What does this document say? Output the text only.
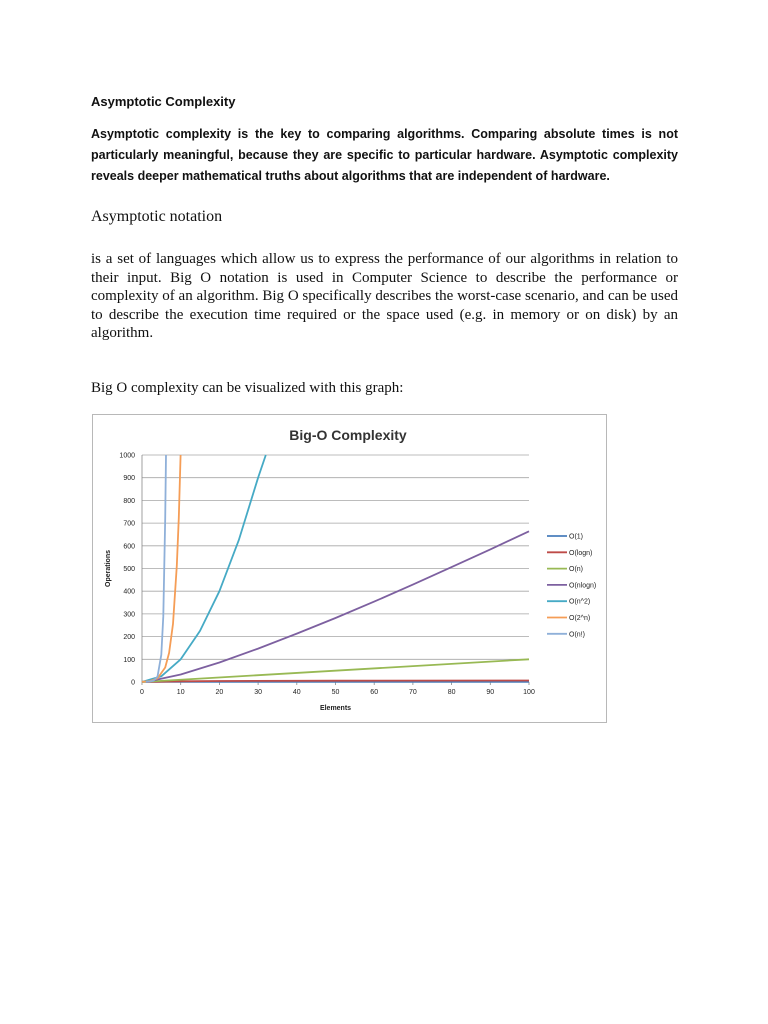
Asymptotic Complexity

Asymptotic complexity is the key to comparing algorithms. Comparing absolute times is not particularly meaningful, because they are specific to particular hardware. Asymptotic complexity reveals deeper mathematical truths about algorithms that are independent of hardware.

Asymptotic notation

is a set of languages which allow us to express the performance of our algorithms in relation to their input. Big O notation is used in Computer Science to describe the performance or complexity of an algorithm. Big O specifically describes the worst-case scenario, and can be used to describe the execution time required or the space used (e.g. in memory or on disk) by an algorithm.

Big O complexity can be visualized with this graph:

Big-O Complexity
0
100
200
300
400
500
600
700
800
900
1000
0	10	20	30	40	50	60	70	80	90	100
Elements
Operations
O(1)
O(logn)
O(n)
O(nlogn)
O(n^2)
O(2^n)
O(n!)
